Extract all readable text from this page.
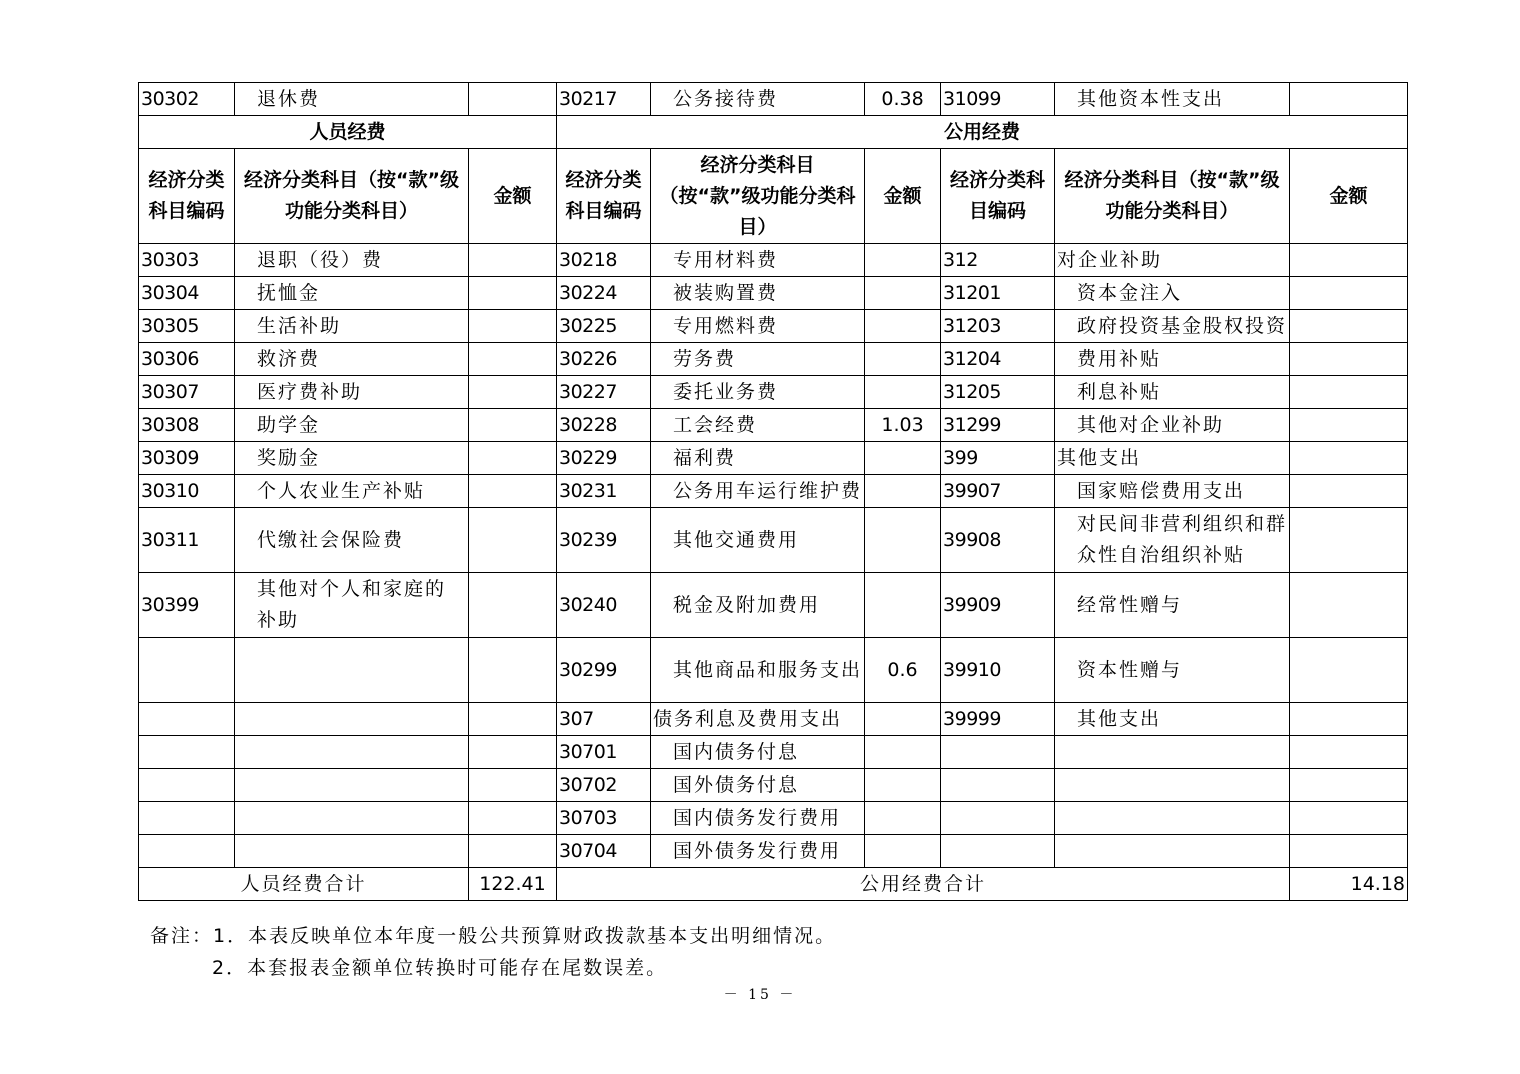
30302	退休费		30217	公务接待费	0.38	31099	其他资本性支出	
人员经费			公用经费					
经济分类科目编码	经济分类科目（按“款”级功能分类科目）	金额	经济分类科目编码	经济分类科目（按“款”级功能分类科目）	金额	经济分类科目编码	经济分类科目（按“款”级功能分类科目）	金额
30303	退职（役）费		30218	专用材料费		312	对企业补助	
30304	抚恤金		30224	被装购置费		31201	资本金注入	
30305	生活补助		30225	专用燃料费		31203	政府投资基金股权投资	
30306	救济费		30226	劳务费		31204	费用补贴	
30307	医疗费补助		30227	委托业务费		31205	利息补贴	
30308	助学金		30228	工会经费	1.03	31299	其他对企业补助	
30309	奖励金		30229	福利费		399	其他支出	
30310	个人农业生产补贴		30231	公务用车运行维护费		39907	国家赔偿费用支出	
30311	代缴社会保险费		30239	其他交通费用		39908	对民间非营利组织和群众性自治组织补贴	
30399	其他对个人和家庭的补助		30240	税金及附加费用		39909	经常性赠与	
			30299	其他商品和服务支出	0.6	39910	资本性赠与	
			307	债务利息及费用支出		39999	其他支出	
			30701	国内债务付息				
			30702	国外债务付息				
			30703	国内债务发行费用				
			30704	国外债务发行费用				
人员经费合计		122.41	公用经费合计					14.18
备注：1．本表反映单位本年度一般公共预算财政拨款基本支出明细情况。
2．本套报表金额单位转换时可能存在尾数误差。
－ 15 －
